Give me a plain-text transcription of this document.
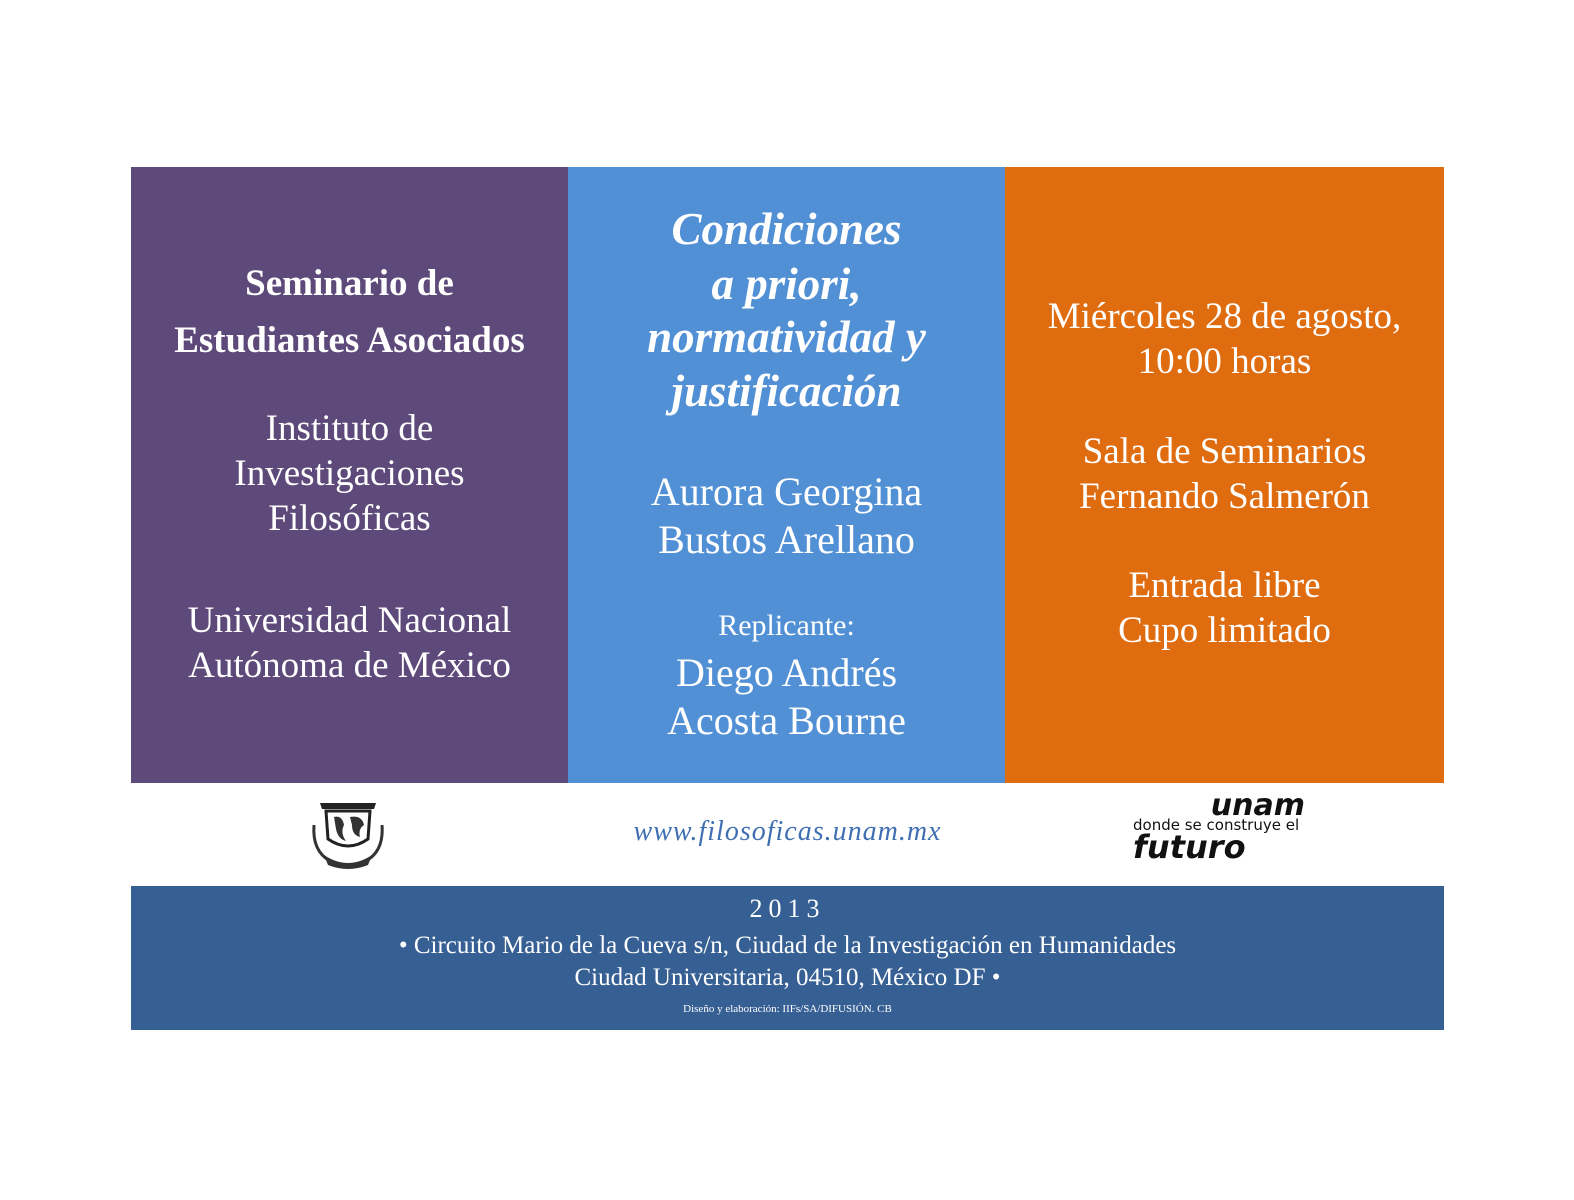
Seminario de
Estudiantes Asociados
Instituto de
Investigaciones
Filosóficas
Universidad Nacional
Autónoma de México
Condiciones
a priori,
normatividad y
justificación
Aurora Georgina
Bustos Arellano
Replicante:
Diego Andrés
Acosta Bourne
Miércoles 28 de agosto,
10:00 horas
Sala de Seminarios
Fernando Salmerón
Entrada libre
Cupo limitado
www.filosoficas.unam.mx
unam
donde se construye el
futuro
2013
• Circuito Mario de la Cueva s/n, Ciudad de la Investigación en Humanidades
Ciudad Universitaria, 04510, México DF •
Diseño y elaboración: IIFs/SA/DIFUSIÓN. CB
